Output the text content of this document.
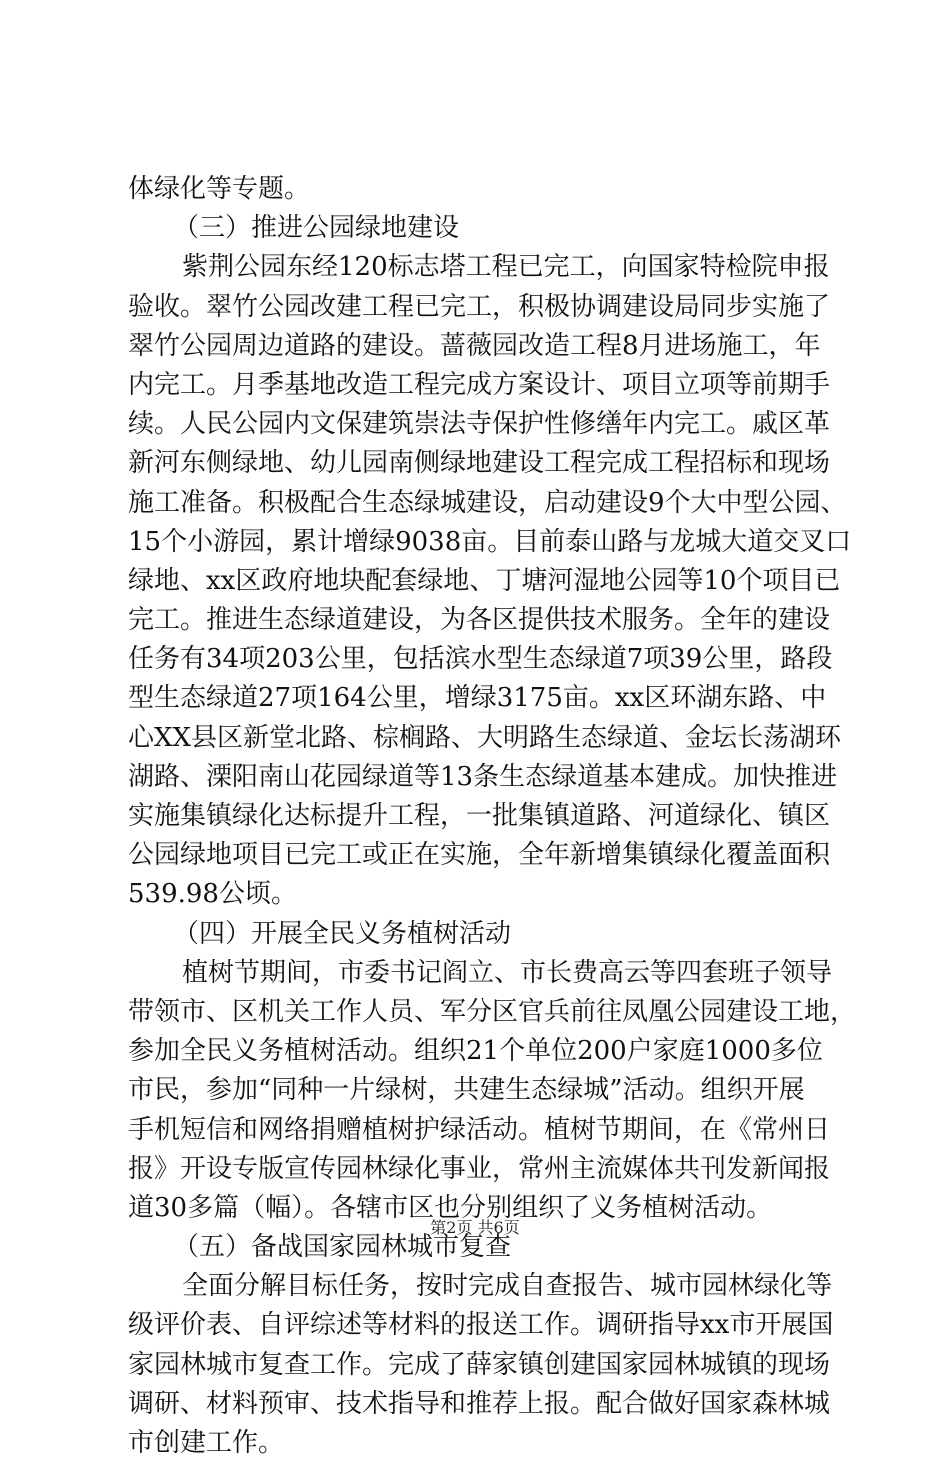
体绿化等专题。
（三）推进公园绿地建设
紫荆公园东经120标志塔工程已完工，向国家特检院申报
验收。翠竹公园改建工程已完工，积极协调建设局同步实施了
翠竹公园周边道路的建设。蔷薇园改造工程8月进场施工，年
内完工。月季基地改造工程完成方案设计、项目立项等前期手
续。人民公园内文保建筑崇法寺保护性修缮年内完工。戚区革
新河东侧绿地、幼儿园南侧绿地建设工程完成工程招标和现场
施工准备。积极配合生态绿城建设，启动建设9个大中型公园、
15个小游园，累计增绿9038亩。目前泰山路与龙城大道交叉口
绿地、xx区政府地块配套绿地、丁塘河湿地公园等10个项目已
完工。推进生态绿道建设，为各区提供技术服务。全年的建设
任务有34项203公里，包括滨水型生态绿道7项39公里，路段
型生态绿道27项164公里，增绿3175亩。xx区环湖东路、中
心XX县区新堂北路、棕榈路、大明路生态绿道、金坛长荡湖环
湖路、溧阳南山花园绿道等13条生态绿道基本建成。加快推进
实施集镇绿化达标提升工程，一批集镇道路、河道绿化、镇区
公园绿地项目已完工或正在实施，全年新增集镇绿化覆盖面积
539.98公顷。
（四）开展全民义务植树活动
植树节期间，市委书记阎立、市长费高云等四套班子领导
带领市、区机关工作人员、军分区官兵前往凤凰公园建设工地，
参加全民义务植树活动。组织21个单位200户家庭1000多位
市民，参加“同种一片绿树，共建生态绿城”活动。组织开展
手机短信和网络捐赠植树护绿活动。植树节期间，在《常州日
报》开设专版宣传园林绿化事业，常州主流媒体共刊发新闻报
道30多篇（幅）。各辖市区也分别组织了义务植树活动。
（五）备战国家园林城市复查
全面分解目标任务，按时完成自查报告、城市园林绿化等
级评价表、自评综述等材料的报送工作。调研指导xx市开展国
家园林城市复查工作。完成了薛家镇创建国家园林城镇的现场
调研、材料预审、技术指导和推荐上报。配合做好国家森林城
市创建工作。
第2页 共6页
